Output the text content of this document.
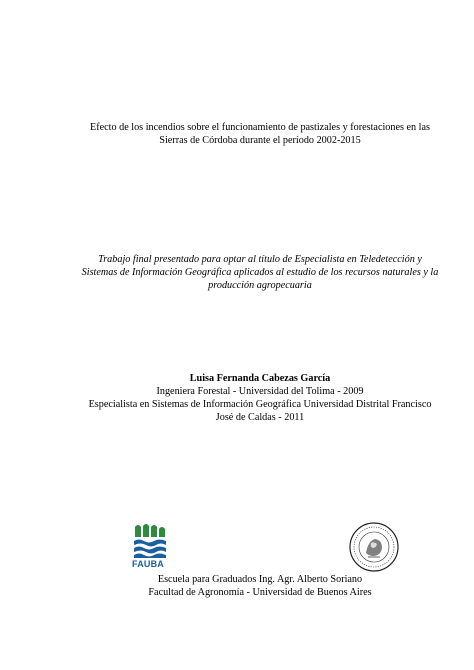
Efecto de los incendios sobre el funcionamiento de pastizales y forestaciones en las
Sierras de Córdoba durante el período 2002-2015
Trabajo final presentado para optar al título de Especialista en Teledetección y
Sistemas de Información Geográfica aplicados al estudio de los recursos naturales y la
producción agropecuaria
Luisa Fernanda Cabezas García
Ingeniera Forestal - Universidad del Tolima - 2009
Especialista en Sistemas de Información Geográfica Universidad Distrital Francisco
José de Caldas - 2011
FAUBA
Escuela para Graduados Ing. Agr. Alberto Soriano
Facultad de Agronomía - Universidad de Buenos Aires
